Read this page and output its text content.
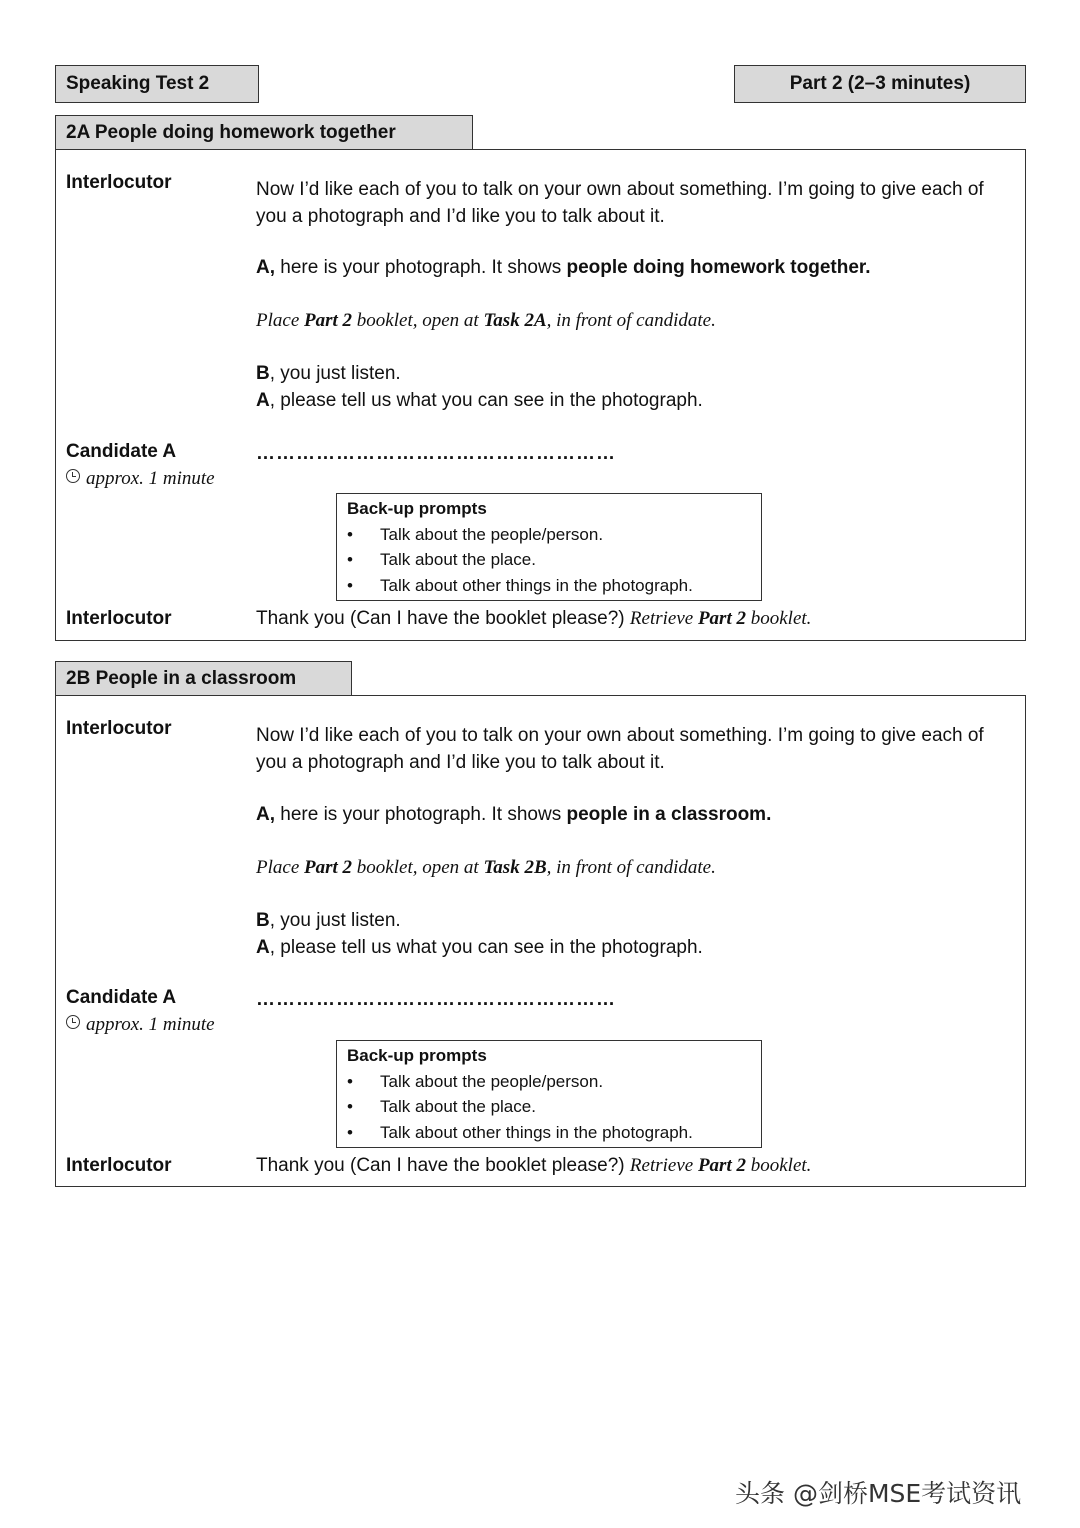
Speaking Test 2	Part 2 (2–3 minutes)
2A People doing homework together
Interlocutor	Now I’d like each of you to talk on your own about something. I’m going to give each of you a photograph and I’d like you to talk about it.
A, here is your photograph. It shows people doing homework together.
Place Part 2 booklet, open at Task 2A, in front of candidate.
B, you just listen.
A, please tell us what you can see in the photograph.
Candidate A
approx. 1 minute
………………………………………………
Back-up prompts
• Talk about the people/person.
• Talk about the place.
• Talk about other things in the photograph.
Interlocutor	Thank you (Can I have the booklet please?) Retrieve Part 2 booklet.
2B People in a classroom
Interlocutor	Now I’d like each of you to talk on your own about something. I’m going to give each of you a photograph and I’d like you to talk about it.
A, here is your photograph. It shows people in a classroom.
Place Part 2 booklet, open at Task 2B, in front of candidate.
B, you just listen.
A, please tell us what you can see in the photograph.
Candidate A
approx. 1 minute
………………………………………………
Back-up prompts
• Talk about the people/person.
• Talk about the place.
• Talk about other things in the photograph.
Interlocutor	Thank you (Can I have the booklet please?) Retrieve Part 2 booklet.
头条 @剑桥MSE考试资讯
